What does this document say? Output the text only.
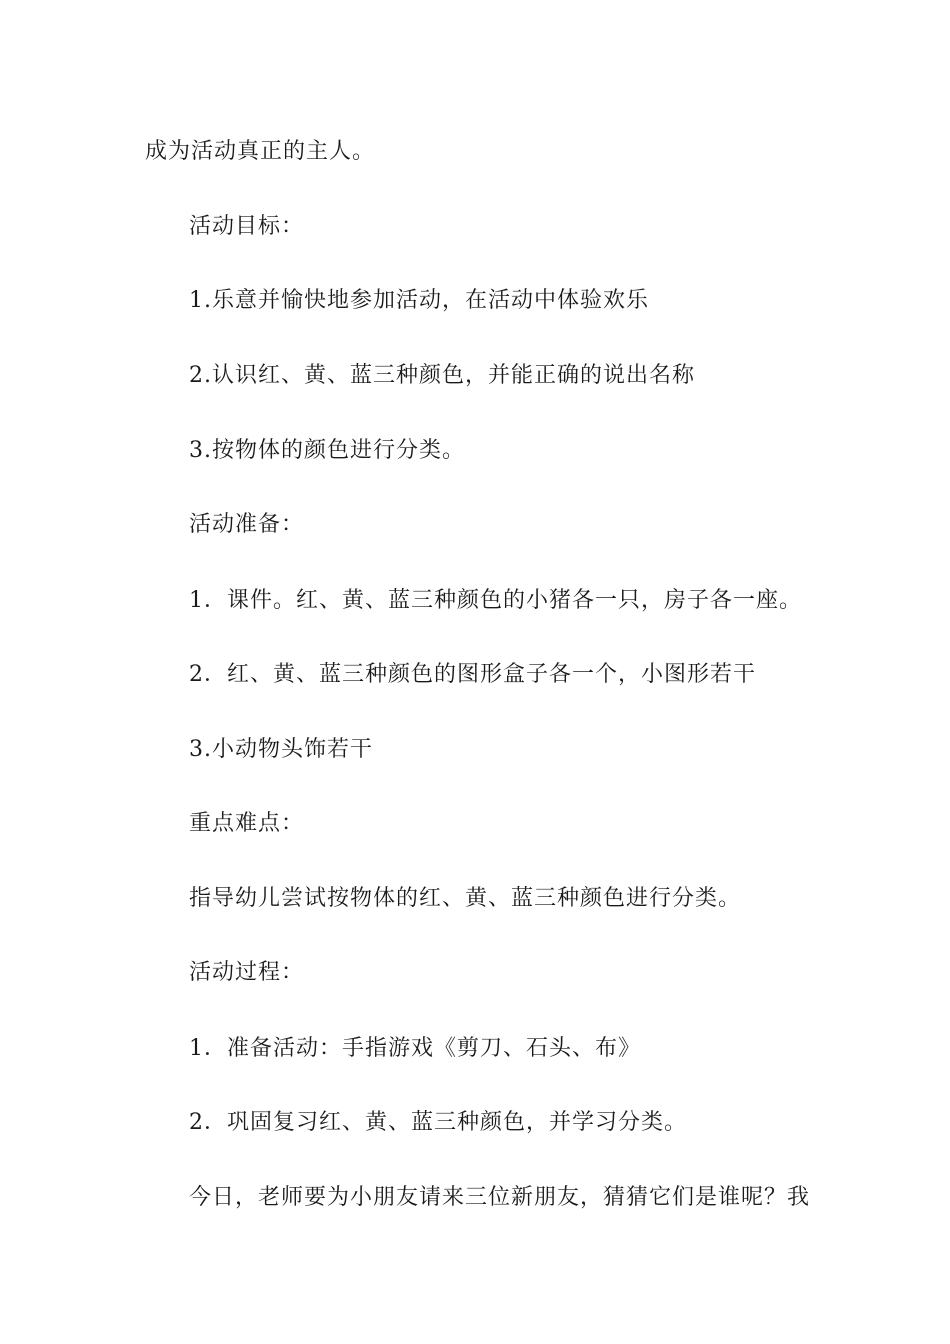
成为活动真正的主人。
活动目标：
1.乐意并愉快地参加活动，在活动中体验欢乐
2.认识红、黄、蓝三种颜色，并能正确的说出名称
3.按物体的颜色进行分类。
活动准备：
1．课件。红、黄、蓝三种颜色的小猪各一只，房子各一座。
2．红、黄、蓝三种颜色的图形盒子各一个，小图形若干
3.小动物头饰若干
重点难点：
指导幼儿尝试按物体的红、黄、蓝三种颜色进行分类。
活动过程：
1．准备活动：手指游戏《剪刀、石头、布》
2．巩固复习红、黄、蓝三种颜色，并学习分类。
今日，老师要为小朋友请来三位新朋友，猜猜它们是谁呢？我
